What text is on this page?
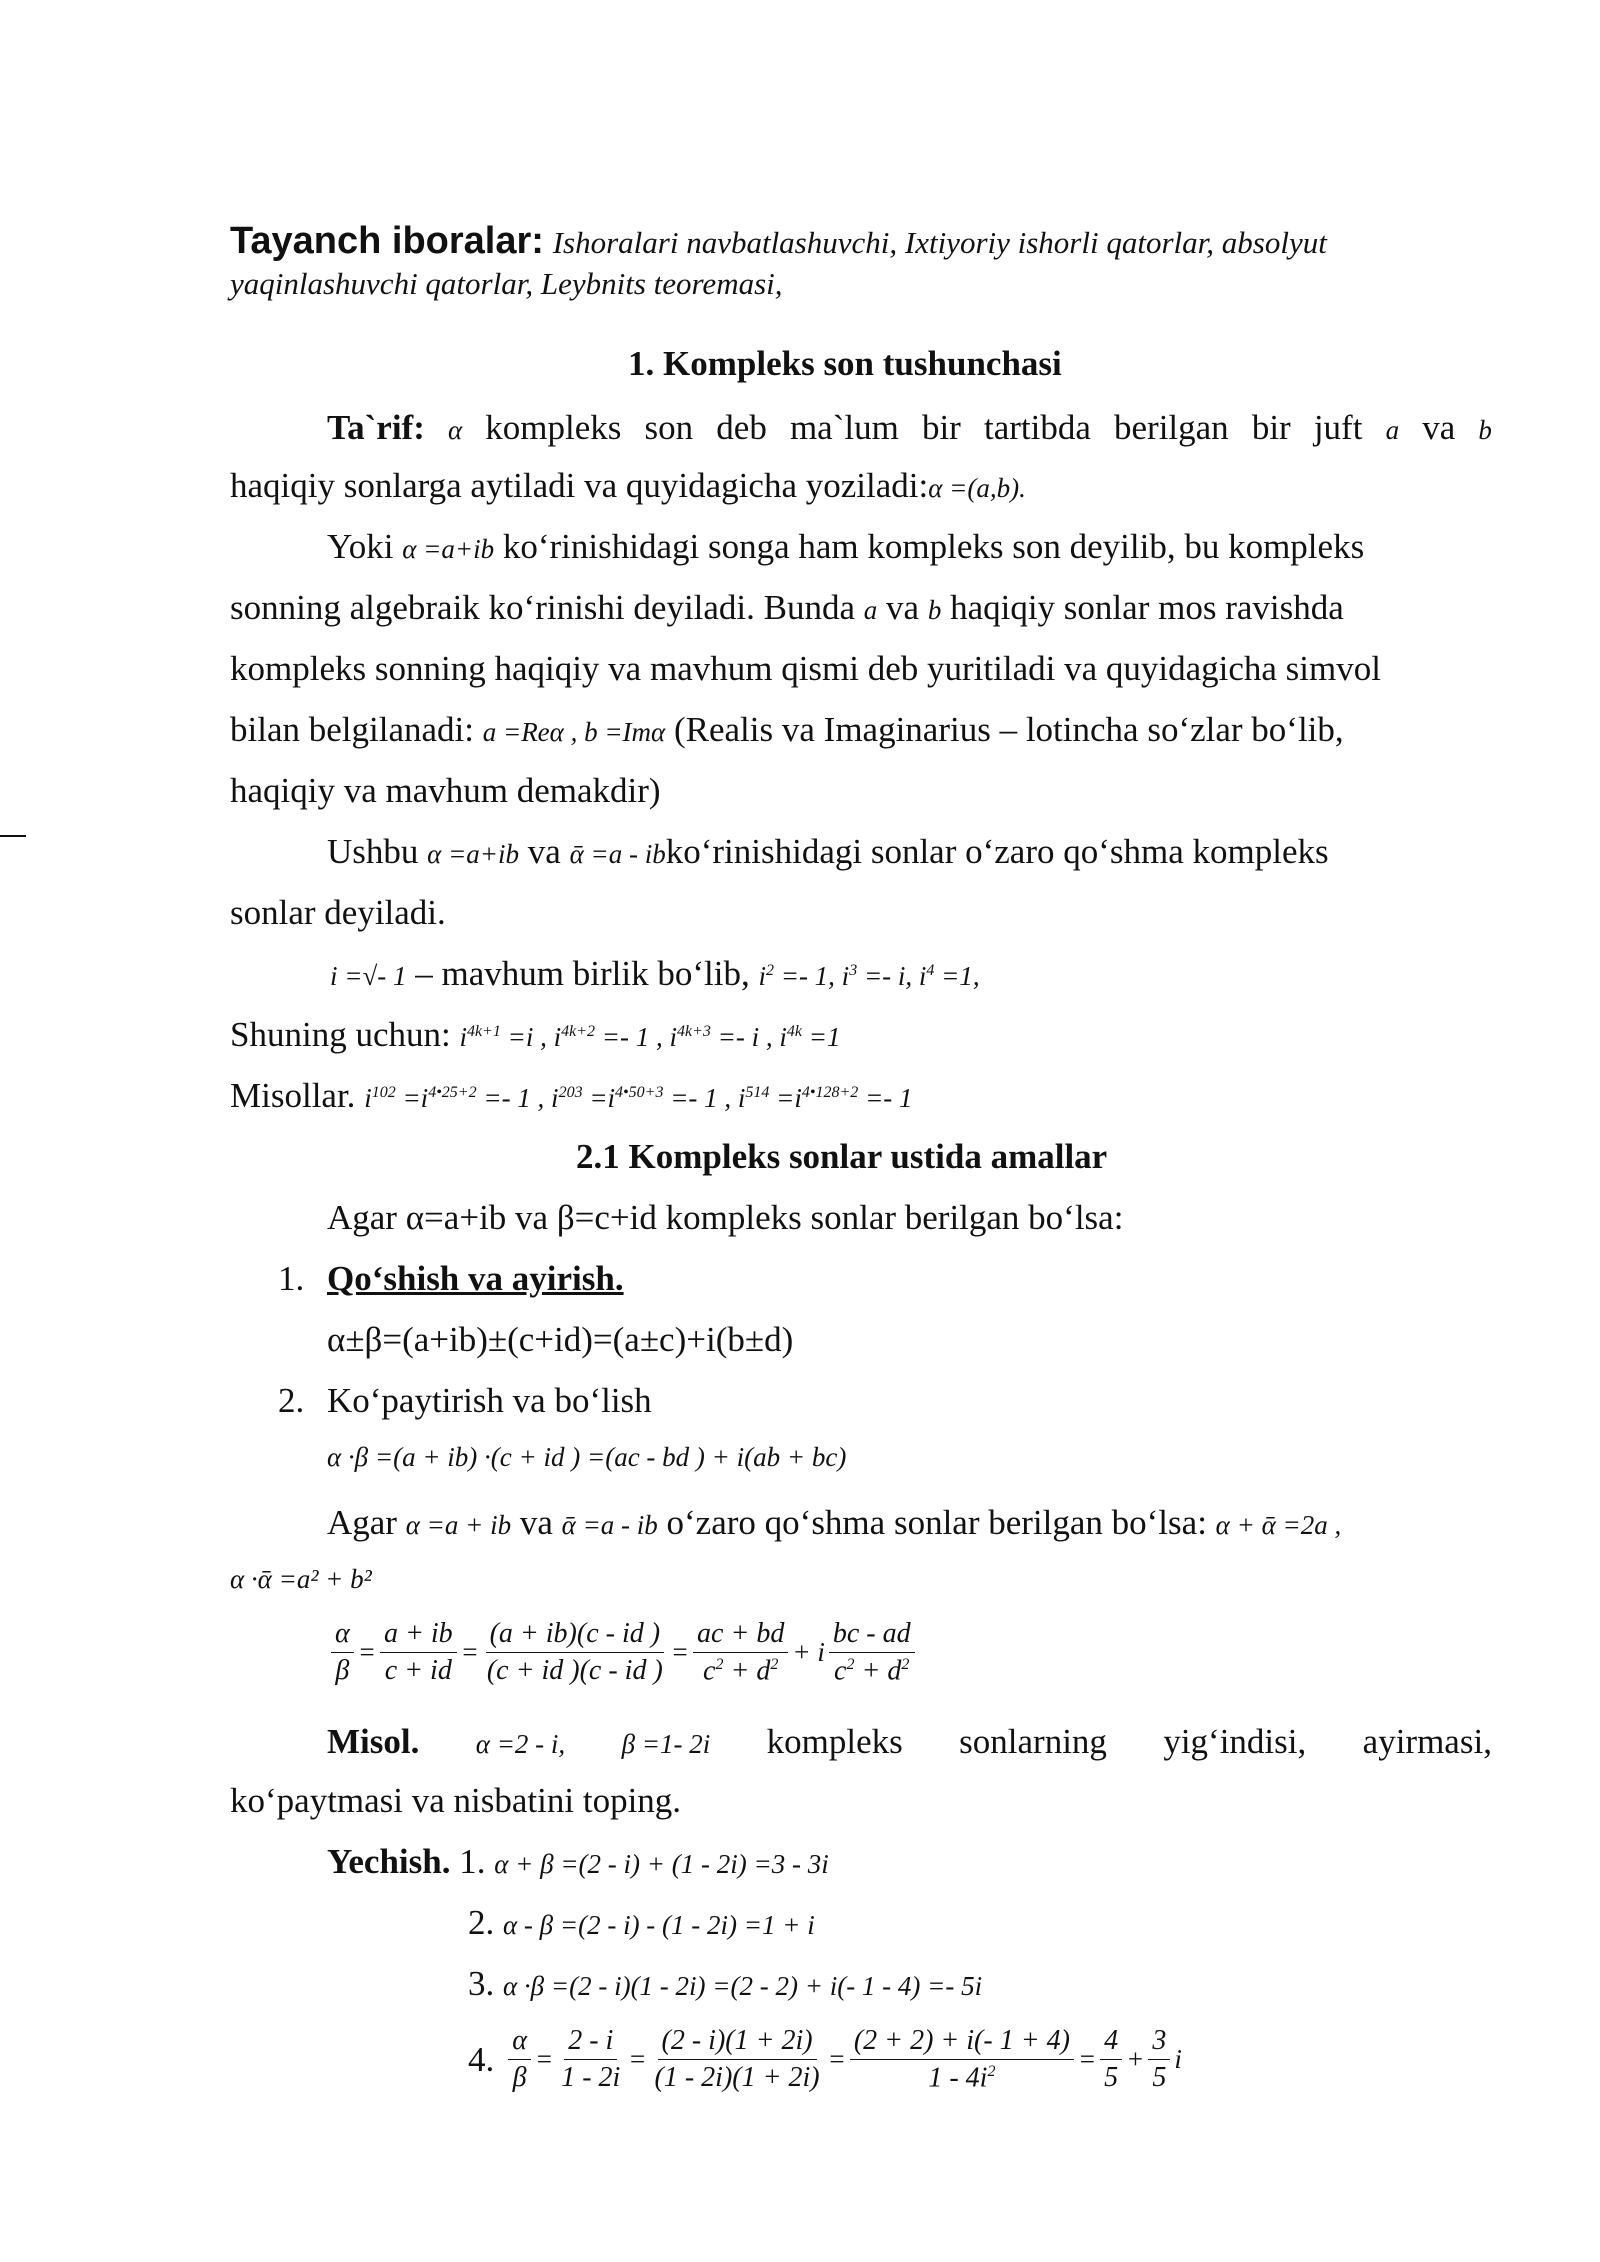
Tayanch iboralar: Ishoralari navbatlashuvchi, Ixtiyoriy ishorli qatorlar, absolyut
yaqinlashuvchi qatorlar, Leybnits teoremasi,
1. Kompleks son tushunchasi
Ta`rif: α kompleks son deb ma`lum bir tartibda berilgan bir juft a va b
haqiqiy sonlarga aytiladi va quyidagicha yoziladi:α =(a,b).
Yoki α =a+ib ko‘rinishidagi songa ham kompleks son deyilib, bu kompleks
sonning algebraik ko‘rinishi deyiladi. Bunda a va b haqiqiy sonlar mos ravishda
kompleks sonning haqiqiy va mavhum qismi deb yuritiladi va quyidagicha simvol
bilan belgilanadi: a =Reα , b =Imα (Realis va Imaginarius – lotincha so‘zlar bo‘lib,
haqiqiy va mavhum demakdir)
Ushbu α =a+ib va ᾱ =a - ibko‘rinishidagi sonlar o‘zaro qo‘shma kompleks
sonlar deyiladi.
i =√- 1 – mavhum birlik bo‘lib, $i^2 =- 1$, $i^3 =- i$, $i^4 =1$,
Shuning uchun: $i^{4k+1} =i$ , $i^{4k+2} =- 1$ , $i^{4k+3} =- i$ , $i^{4k} =1$
Misollar. $i^{102} =i^{4•25+2} =- 1$ , $i^{203} =i^{4•50+3} =- 1$ , $i^{514} =i^{4•128+2} =- 1$
2.1 Kompleks sonlar ustida amallar
Agar α=a+ib va β=c+id kompleks sonlar berilgan bo‘lsa:
1. Qo‘shish va ayirish.
α±β=(a+ib)±(c+id)=(a±c)+i(b±d)
2. Ko‘paytirish va bo‘lish
α ·β =(a + ib) ·(c + id ) =(ac - bd ) + i(ab + bc)
Agar α =a + ib va ᾱ =a - ib o‘zaro qo‘shma sonlar berilgan bo‘lsa: α + ᾱ =2a ,
α ·ᾱ =a² + b²
$\frac{\alpha}{\beta} = \frac{a + ib}{c + id} = \frac{(a + ib)(c - id )}{(c + id )(c - id )} = \frac{ac + bd}{c^2 + d^2} + i \frac{bc - ad}{c^2 + d^2}$
Misol. α =2 - i, β =1- 2i kompleks sonlarning yig‘indisi, ayirmasi,
ko‘paytmasi va nisbatini toping.
Yechish. 1. α + β =(2 - i) + (1 - 2i) =3 - 3i
2. α - β =(2 - i) - (1 - 2i) =1 + i
3. α ·β =(2 - i)(1 - 2i) =(2 - 2) + i(- 1 - 4) =- 5i
4. $\frac{\alpha}{\beta} = \frac{2 - i}{1 - 2i} = \frac{(2 - i)(1 + 2i)}{(1 - 2i)(1 + 2i)} = \frac{(2 + 2) + i(- 1 + 4)}{1 - 4i^2} = \frac{4}{5} + \frac{3}{5}$ i
